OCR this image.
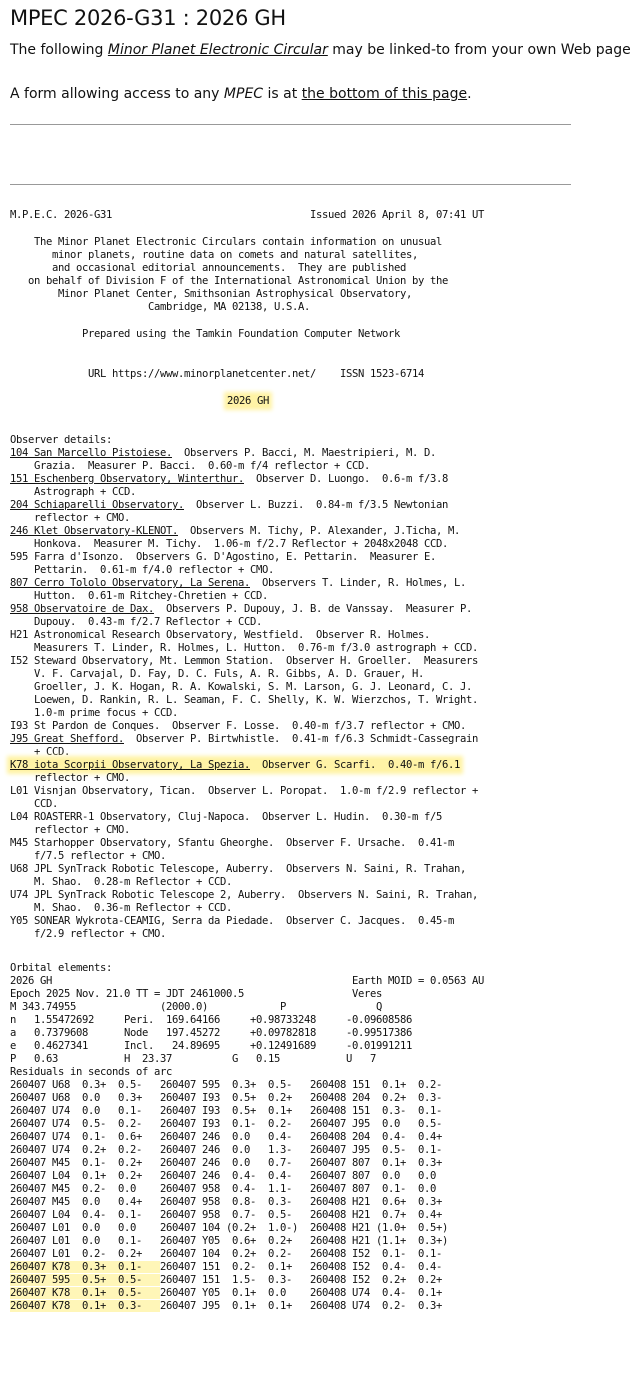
MPEC 2026-G31 : 2026 GH

The following Minor Planet Electronic Circular may be linked-to from your own Web page

A form allowing access to any MPEC is at the bottom of this page.

M.P.E.C. 2026-G31	Issued 2026 April 8, 07:41 UT
The Minor Planet Electronic Circulars contain information on unusual
minor planets, routine data on comets and natural satellites,
and occasional editorial announcements.  They are published
on behalf of Division F of the International Astronomical Union by the
Minor Planet Center, Smithsonian Astrophysical Observatory,
Cambridge, MA 02138, U.S.A.
Prepared using the Tamkin Foundation Computer Network
URL https://www.minorplanetcenter.net/    ISSN 1523-6714
2026 GH
Observer details:
104 San Marcello Pistoiese.  Observers P. Bacci, M. Maestripieri, M. D.
Grazia.  Measurer P. Bacci.  0.60-m f/4 reflector + CCD.
151 Eschenberg Observatory, Winterthur.  Observer D. Luongo.  0.6-m f/3.8
Astrograph + CCD.
204 Schiaparelli Observatory.  Observer L. Buzzi.  0.84-m f/3.5 Newtonian
reflector + CMO.
246 Klet Observatory-KLENOT.  Observers M. Tichy, P. Alexander, J.Ticha, M.
Honkova.  Measurer M. Tichy.  1.06-m f/2.7 Reflector + 2048x2048 CCD.
595 Farra d'Isonzo.  Observers G. D'Agostino, E. Pettarin.  Measurer E.
Pettarin.  0.61-m f/4.0 reflector + CMO.
807 Cerro Tololo Observatory, La Serena.  Observers T. Linder, R. Holmes, L.
Hutton.  0.61-m Ritchey-Chretien + CCD.
958 Observatoire de Dax.  Observers P. Dupouy, J. B. de Vanssay.  Measurer P.
Dupouy.  0.43-m f/2.7 Reflector + CCD.
H21 Astronomical Research Observatory, Westfield.  Observer R. Holmes.
Measurers T. Linder, R. Holmes, L. Hutton.  0.76-m f/3.0 astrograph + CCD.
I52 Steward Observatory, Mt. Lemmon Station.  Observer H. Groeller.  Measurers
V. F. Carvajal, D. Fay, D. C. Fuls, A. R. Gibbs, A. D. Grauer, H.
Groeller, J. K. Hogan, R. A. Kowalski, S. M. Larson, G. J. Leonard, C. J.
Loewen, D. Rankin, R. L. Seaman, F. C. Shelly, K. W. Wierzchos, T. Wright.
1.0-m prime focus + CCD.
I93 St Pardon de Conques.  Observer F. Losse.  0.40-m f/3.7 reflector + CMO.
J95 Great Shefford.  Observer P. Birtwhistle.  0.41-m f/6.3 Schmidt-Cassegrain
+ CCD.
K78 iota Scorpii Observatory, La Spezia.  Observer G. Scarfi.  0.40-m f/6.1
reflector + CMO.
L01 Visnjan Observatory, Tican.  Observer L. Poropat.  1.0-m f/2.9 reflector +
CCD.
L04 ROASTERR-1 Observatory, Cluj-Napoca.  Observer L. Hudin.  0.30-m f/5
reflector + CMO.
M45 Starhopper Observatory, Sfantu Gheorghe.  Observer F. Ursache.  0.41-m
f/7.5 reflector + CMO.
U68 JPL SynTrack Robotic Telescope, Auberry.  Observers N. Saini, R. Trahan,
M. Shao.  0.28-m Reflector + CCD.
U74 JPL SynTrack Robotic Telescope 2, Auberry.  Observers N. Saini, R. Trahan,
M. Shao.  0.36-m Reflector + CCD.
Y05 SONEAR Wykrota-CEAMIG, Serra da Piedade.  Observer C. Jacques.  0.45-m
f/2.9 reflector + CMO.
Orbital elements:
2026 GH                                                  Earth MOID = 0.0563 AU
Epoch 2025 Nov. 21.0 TT = JDT 2461000.5                  Veres
M 343.74955              (2000.0)            P               Q
n   1.55472692     Peri.  169.64166     +0.98733248     -0.09608586
a   0.7379608      Node   197.45272     +0.09782818     -0.99517386
e   0.4627341      Incl.   24.89695     +0.12491689     -0.01991211
P   0.63           H  23.37          G   0.15           U   7
Residuals in seconds of arc
260407 U68  0.3+  0.5-   260407 595  0.3+  0.5-   260408 151  0.1+  0.2-
260407 U68  0.0   0.3+   260407 I93  0.5+  0.2+   260408 204  0.2+  0.3-
260407 U74  0.0   0.1-   260407 I93  0.5+  0.1+   260408 151  0.3-  0.1-
260407 U74  0.5-  0.2-   260407 I93  0.1-  0.2-   260407 J95  0.0   0.5-
260407 U74  0.1-  0.6+   260407 246  0.0   0.4-   260408 204  0.4-  0.4+
260407 U74  0.2+  0.2-   260407 246  0.0   1.3-   260407 J95  0.5-  0.1-
260407 M45  0.1-  0.2+   260407 246  0.0   0.7-   260407 807  0.1+  0.3+
260407 L04  0.1+  0.2+   260407 246  0.4-  0.4-   260407 807  0.0   0.0
260407 M45  0.2-  0.0    260407 958  0.4-  1.1-   260407 807  0.1-  0.0
260407 M45  0.0   0.4+   260407 958  0.8-  0.3-   260408 H21  0.6+  0.3+
260407 L04  0.4-  0.1-   260407 958  0.7-  0.5-   260408 H21  0.7+  0.4+
260407 L01  0.0   0.0    260407 104 (0.2+  1.0-)  260408 H21 (1.0+  0.5+)
260407 L01  0.0   0.1-   260407 Y05  0.6+  0.2+   260408 H21 (1.1+  0.3+)
260407 L01  0.2-  0.2+   260407 104  0.2+  0.2-   260408 I52  0.1-  0.1-
260407 K78  0.3+  0.1-   260407 151  0.2-  0.1+   260408 I52  0.4-  0.4-
260407 595  0.5+  0.5-   260407 151  1.5-  0.3-   260408 I52  0.2+  0.2+
260407 K78  0.1+  0.5-   260407 Y05  0.1+  0.0    260408 U74  0.4-  0.1+
260407 K78  0.1+  0.3-   260407 J95  0.1+  0.1+   260408 U74  0.2-  0.3+
